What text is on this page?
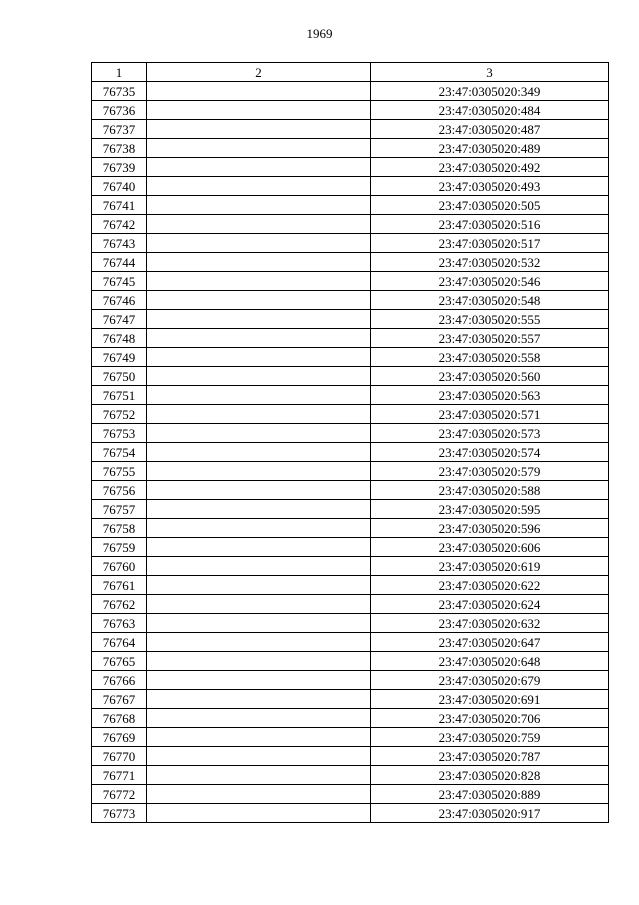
1969
1	2	3
76735		23:47:0305020:349
76736		23:47:0305020:484
76737		23:47:0305020:487
76738		23:47:0305020:489
76739		23:47:0305020:492
76740		23:47:0305020:493
76741		23:47:0305020:505
76742		23:47:0305020:516
76743		23:47:0305020:517
76744		23:47:0305020:532
76745		23:47:0305020:546
76746		23:47:0305020:548
76747		23:47:0305020:555
76748		23:47:0305020:557
76749		23:47:0305020:558
76750		23:47:0305020:560
76751		23:47:0305020:563
76752		23:47:0305020:571
76753		23:47:0305020:573
76754		23:47:0305020:574
76755		23:47:0305020:579
76756		23:47:0305020:588
76757		23:47:0305020:595
76758		23:47:0305020:596
76759		23:47:0305020:606
76760		23:47:0305020:619
76761		23:47:0305020:622
76762		23:47:0305020:624
76763		23:47:0305020:632
76764		23:47:0305020:647
76765		23:47:0305020:648
76766		23:47:0305020:679
76767		23:47:0305020:691
76768		23:47:0305020:706
76769		23:47:0305020:759
76770		23:47:0305020:787
76771		23:47:0305020:828
76772		23:47:0305020:889
76773		23:47:0305020:917
